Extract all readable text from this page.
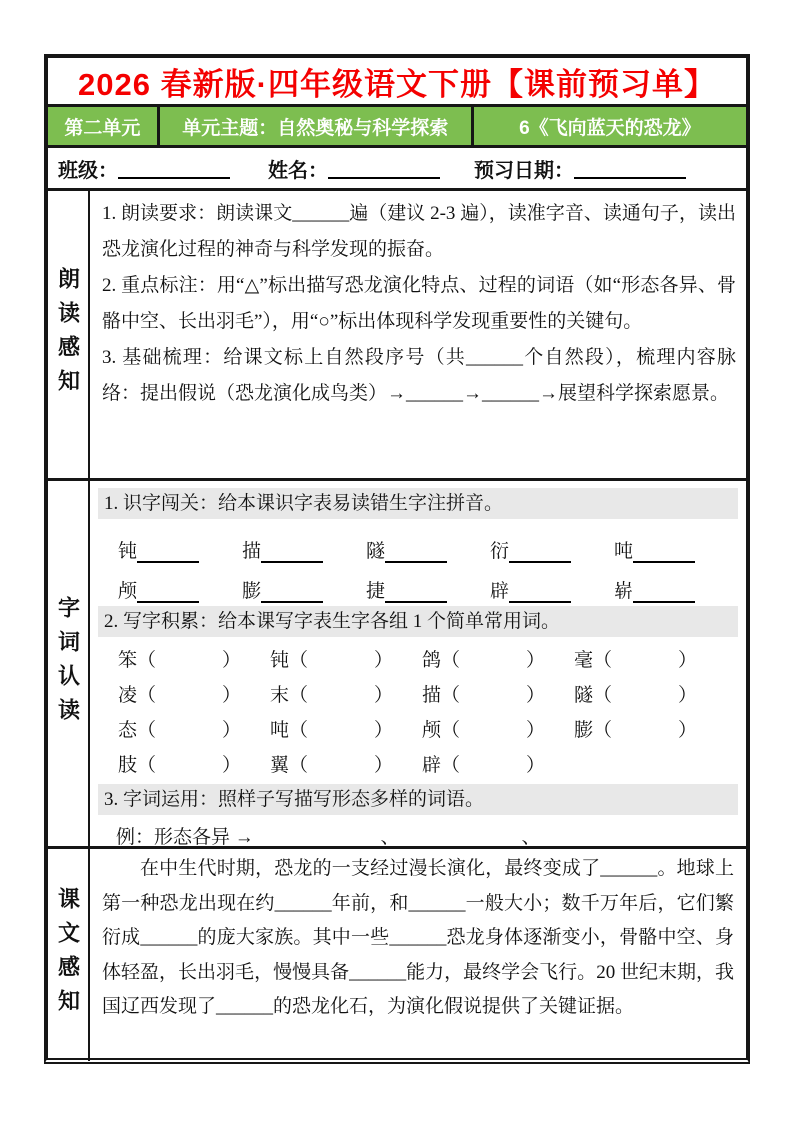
2026 春新版·四年级语文下册【课前预习单】
第二单元	单元主题：自然奥秘与科学探索	6《飞向蓝天的恐龙》
班级：	姓名：	预习日期：
朗读感知
1. 朗读要求：朗读课文______遍（建议 2-3 遍），读准字音、读通句子，读出恐龙演化过程的神奇与科学发现的振奋。
2. 重点标注：用“△”标出描写恐龙演化特点、过程的词语（如“形态各异、骨骼中空、长出羽毛”），用“○”标出体现科学发现重要性的关键句。
3. 基础梳理：给课文标上自然段序号（共______个自然段），梳理内容脉络：提出假说（恐龙演化成鸟类）→______→______→展望科学探索愿景。
字词认读
1. 识字闯关：给本课识字表易读错生字注拼音。
钝	描	隧	衍	吨
颅	膨	捷	辟	崭
2. 写字积累：给本课写字表生字各组 1 个简单常用词。
笨（	）	钝（	）	鸽（	）	毫（	）
凌（	）	末（	）	描（	）	隧（	）
态（	）	吨（	）	颅（	）	膨（	）
肢（	）	翼（	）	辟（	）
3. 字词运用：照样子写描写形态多样的词语。
例：形态各异 →	、	、
课文感知
在中生代时期，恐龙的一支经过漫长演化，最终变成了______。地球上第一种恐龙出现在约______年前，和______一般大小；数千万年后，它们繁衍成______的庞大家族。其中一些______恐龙身体逐渐变小，骨骼中空、身体轻盈，长出羽毛，慢慢具备______能力，最终学会飞行。20 世纪末期，我国辽西发现了______的恐龙化石，为演化假说提供了关键证据。
